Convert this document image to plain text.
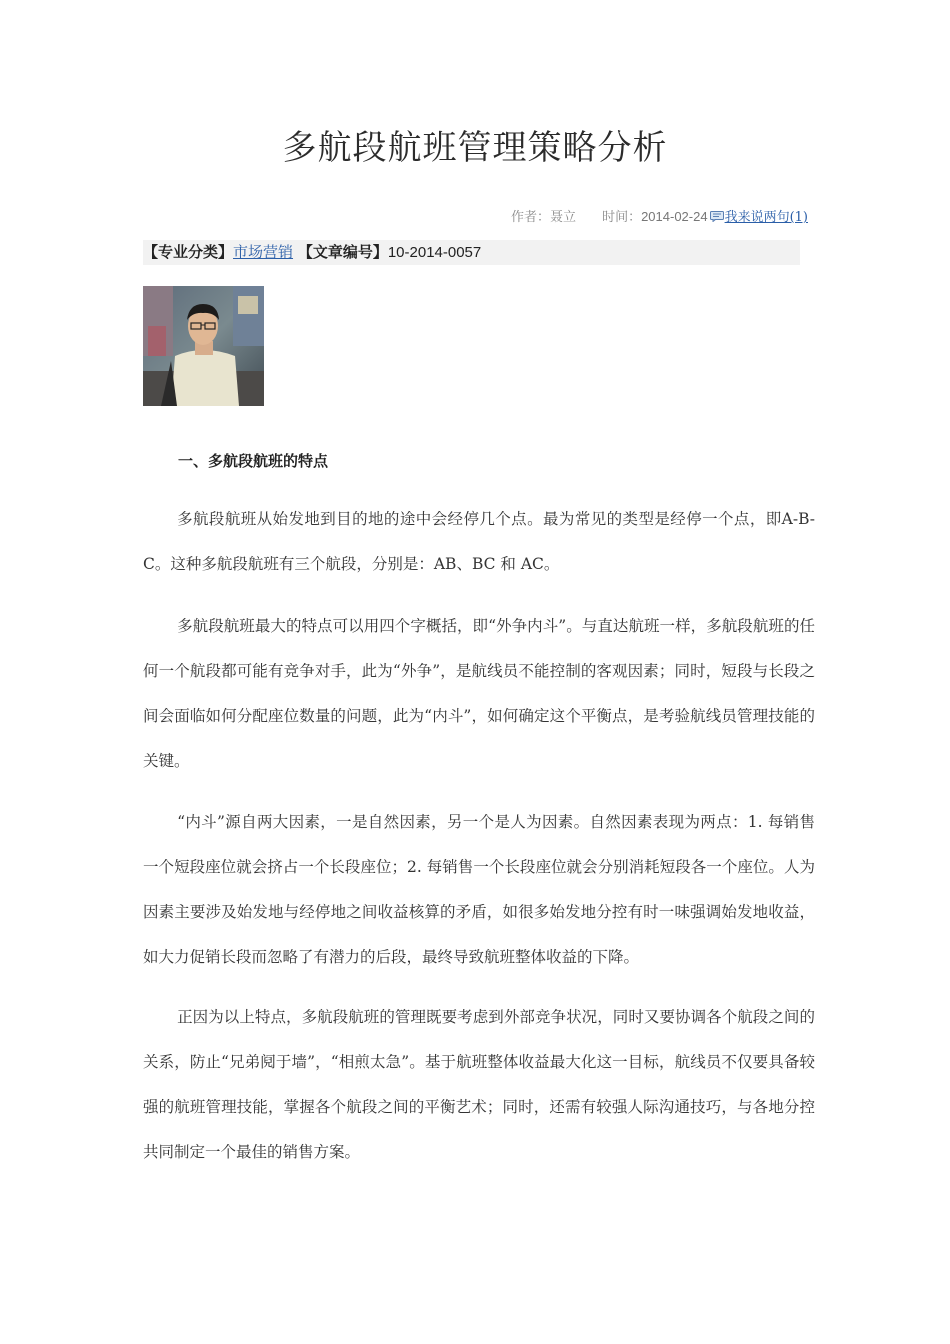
多航段航班管理策略分析
作者：聂立 时间：2014-02-24 我来说两句(1)
【专业分类】市场营销 【文章编号】10-2014-0057
一、多航段航班的特点

多航段航班从始发地到目的地的途中会经停几个点。最为常见的类型是经停一个点，即A-B-C。这种多航段航班有三个航段，分别是：AB、BC 和 AC。

多航段航班最大的特点可以用四个字概括，即“外争内斗”。与直达航班一样，多航段航班的任何一个航段都可能有竞争对手，此为“外争”，是航线员不能控制的客观因素；同时，短段与长段之间会面临如何分配座位数量的问题，此为“内斗”，如何确定这个平衡点，是考验航线员管理技能的关键。

“内斗”源自两大因素，一是自然因素，另一个是人为因素。自然因素表现为两点：1. 每销售一个短段座位就会挤占一个长段座位；2. 每销售一个长段座位就会分别消耗短段各一个座位。人为因素主要涉及始发地与经停地之间收益核算的矛盾，如很多始发地分控有时一味强调始发地收益，如大力促销长段而忽略了有潜力的后段，最终导致航班整体收益的下降。

正因为以上特点，多航段航班的管理既要考虑到外部竞争状况，同时又要协调各个航段之间的关系，防止“兄弟阋于墙”，“相煎太急”。基于航班整体收益最大化这一目标，航线员不仅要具备较强的航班管理技能，掌握各个航段之间的平衡艺术；同时，还需有较强人际沟通技巧，与各地分控共同制定一个最佳的销售方案。
